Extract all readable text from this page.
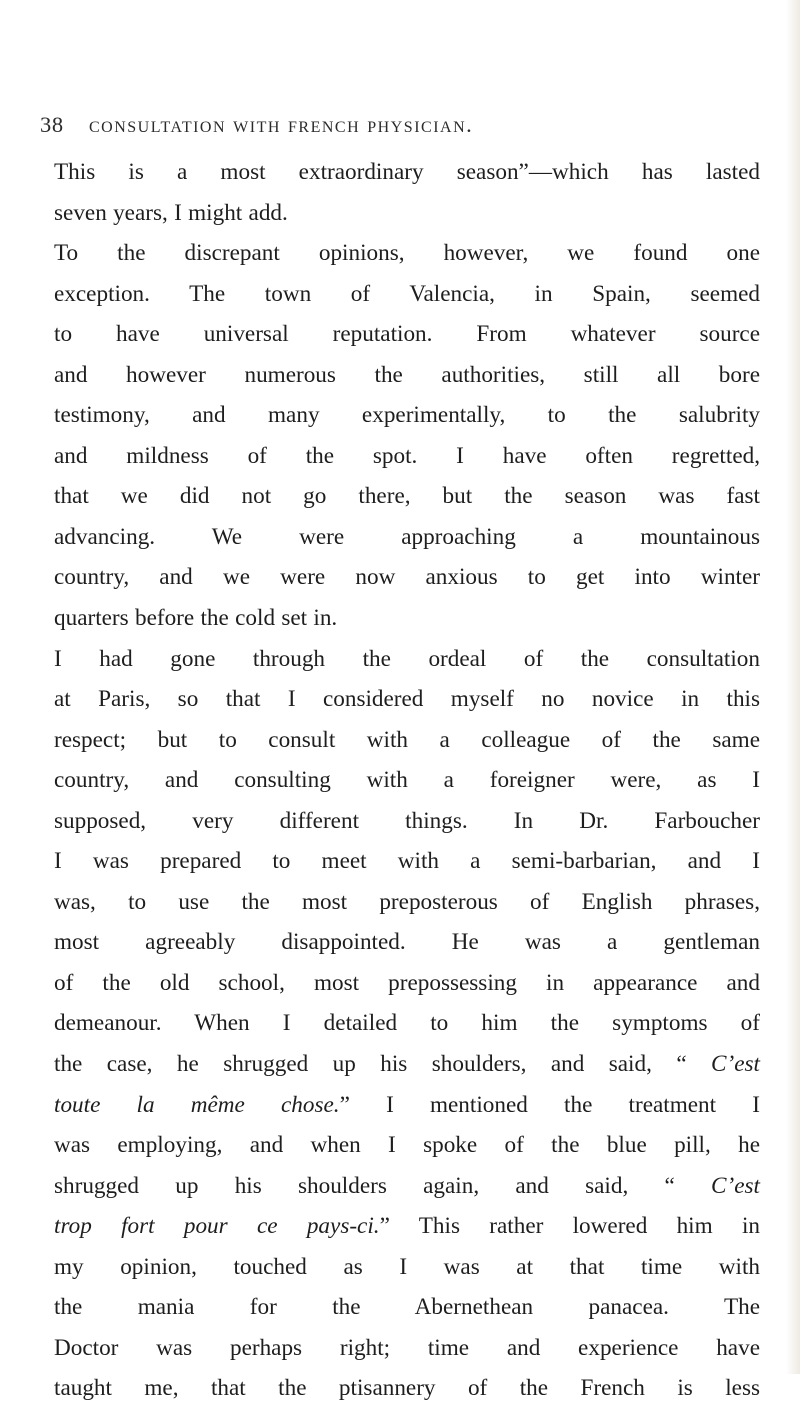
38 consultation with french physician.
This is a most extraordinary season”—which has lasted
seven years, I might add.
To the discrepant opinions, however, we found one
exception. The town of Valencia, in Spain, seemed
to have universal reputation. From whatever source
and however numerous the authorities, still all bore
testimony, and many experimentally, to the salubrity
and mildness of the spot. I have often regretted,
that we did not go there, but the season was fast
advancing. We were approaching a mountainous
country, and we were now anxious to get into winter
quarters before the cold set in.
I had gone through the ordeal of the consultation
at Paris, so that I considered myself no novice in this
respect; but to consult with a colleague of the same
country, and consulting with a foreigner were, as I
supposed, very different things. In Dr. Farboucher
I was prepared to meet with a semi-barbarian, and I
was, to use the most preposterous of English phrases,
most agreeably disappointed. He was a gentleman
of the old school, most prepossessing in appearance and
demeanour. When I detailed to him the symptoms of
the case, he shrugged up his shoulders, and said, “ C’est
toute la même chose.” I mentioned the treatment I
was employing, and when I spoke of the blue pill, he
shrugged up his shoulders again, and said, “ C’est
trop fort pour ce pays-ci.” This rather lowered him in
my opinion, touched as I was at that time with
the mania for the Abernethean panacea. The
Doctor was perhaps right; time and experience have
taught me, that the ptisannery of the French is less
